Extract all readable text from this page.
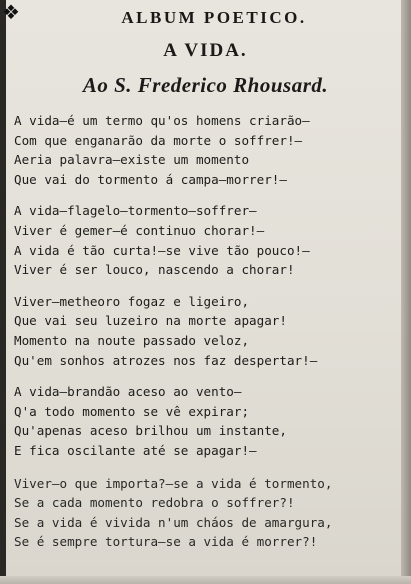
❖	ALBUM POETICO.
A VIDA.
Ao S. Frederico Rhousard.
A vida—é um termo qu'os homens criarão—
Com que enganarão da morte o soffrer!—
Aeria palavra—existe um momento
Que vai do tormento á campa—morrer!—
A vida—flagelo—tormento—soffrer—
Viver é gemer—é continuo chorar!—
A vida é tão curta!—se vive tão pouco!—
Viver é ser louco, nascendo a chorar!
Viver—metheoro fogaz e ligeiro,
Que vai seu luzeiro na morte apagar!
Momento na noute passado veloz,
Qu'em sonhos atrozes nos faz despertar!—
A vida—brandão aceso ao vento—
Q'a todo momento se vê expirar;
Qu'apenas aceso brilhou um instante,
E fica oscilante até se apagar!—
Viver—o que importa?—se a vida é tormento,
Se a cada momento redobra o soffrer?!
Se a vida é vivida n'um cháos de amargura,
Se é sempre tortura—se a vida é morrer?!
